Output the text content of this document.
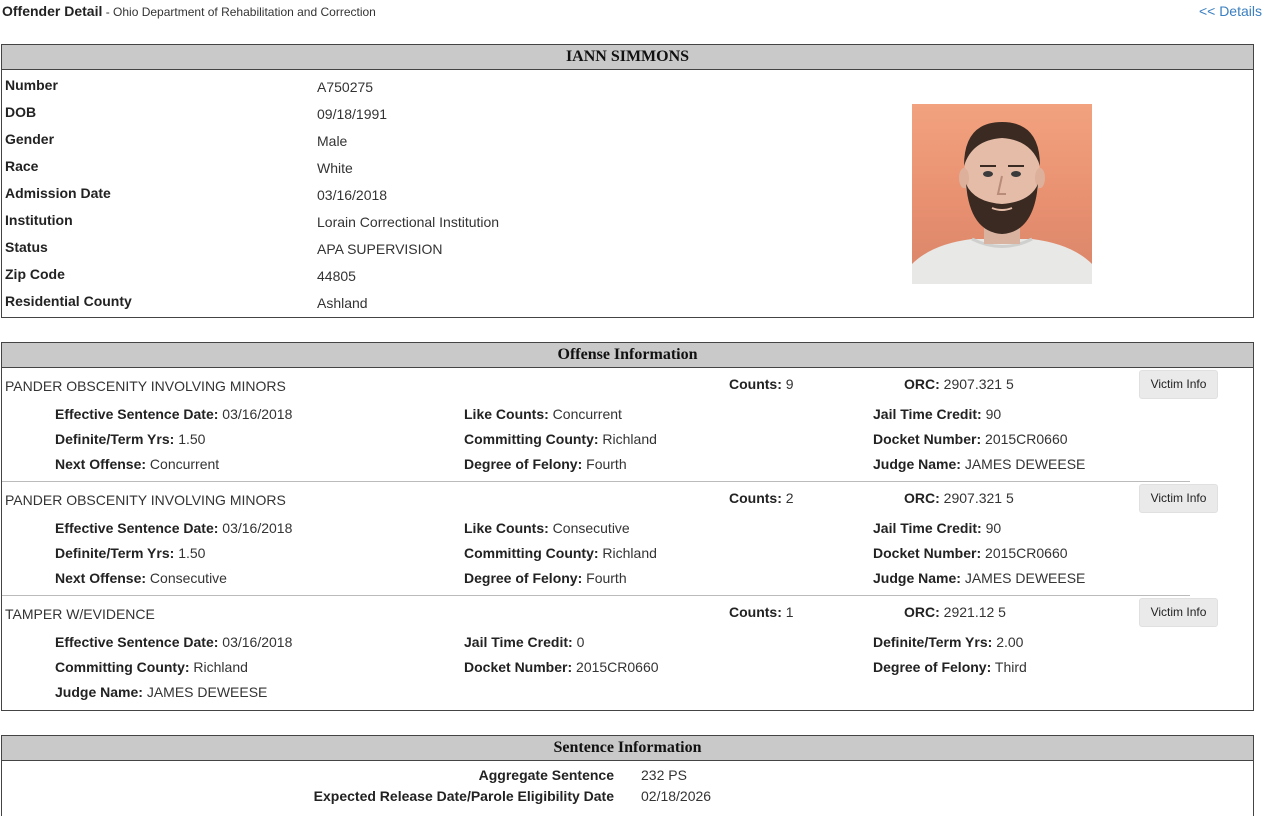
Offender Detail - Ohio Department of Rehabilitation and Correction	<< Details
IANN SIMMONS
Number	A750275
DOB	09/18/1991
Gender	Male
Race	White
Admission Date	03/16/2018
Institution	Lorain Correctional Institution
Status	APA SUPERVISION
Zip Code	44805
Residential County	Ashland
Offense Information
PANDER OBSCENITY INVOLVING MINORS	Counts: 9	ORC: 2907.321 5	Victim Info
Effective Sentence Date: 03/16/2018	Like Counts: Concurrent	Jail Time Credit: 90
Definite/Term Yrs: 1.50	Committing County: Richland	Docket Number: 2015CR0660
Next Offense: Concurrent	Degree of Felony: Fourth	Judge Name: JAMES DEWEESE
PANDER OBSCENITY INVOLVING MINORS	Counts: 2	ORC: 2907.321 5	Victim Info
Effective Sentence Date: 03/16/2018	Like Counts: Consecutive	Jail Time Credit: 90
Definite/Term Yrs: 1.50	Committing County: Richland	Docket Number: 2015CR0660
Next Offense: Consecutive	Degree of Felony: Fourth	Judge Name: JAMES DEWEESE
TAMPER W/EVIDENCE	Counts: 1	ORC: 2921.12 5	Victim Info
Effective Sentence Date: 03/16/2018	Jail Time Credit: 0	Definite/Term Yrs: 2.00
Committing County: Richland	Docket Number: 2015CR0660	Degree of Felony: Third
Judge Name: JAMES DEWEESE
Sentence Information
Aggregate Sentence 232 PS
Expected Release Date/Parole Eligibility Date 02/18/2026
